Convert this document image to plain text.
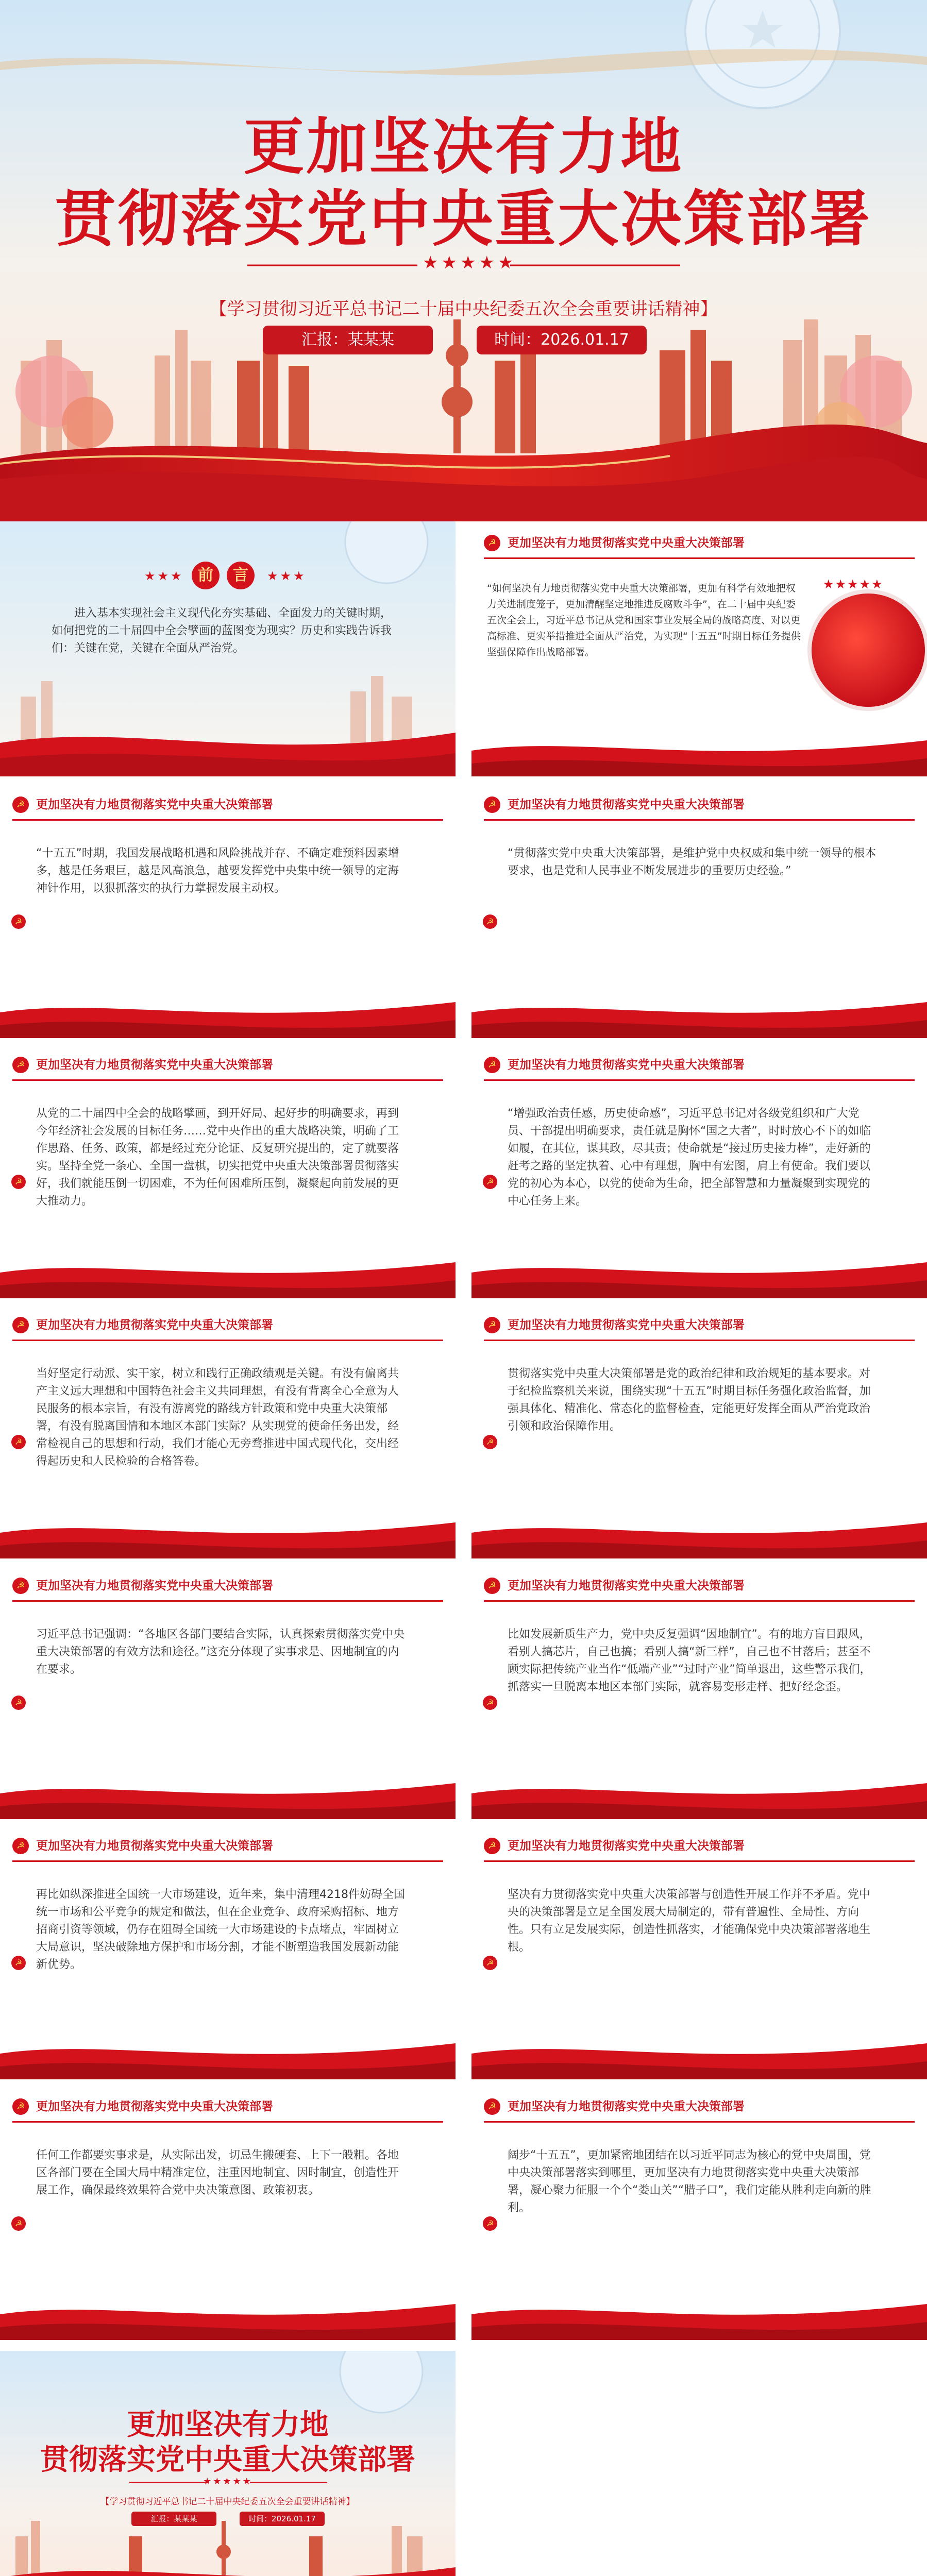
更加坚决有力地
贯彻落实党中央重大决策部署
★★★★★
【学习贯彻习近平总书记二十届中央纪委五次全会重要讲话精神】
汇报：某某某	时间：2026.01.17
★★★ 前	言	★★★
进入基本实现社会主义现代化夯实基础、全面发力的关键时期，如何把党的二十届四中全会擘画的蓝图变为现实？历史和实践告诉我们：关键在党，关键在全面从严治党。
☭ 更加坚决有力地贯彻落实党中央重大决策部署
★★★★★
“如何坚决有力地贯彻落实党中央重大决策部署，更加有科学有效地把权力关进制度笼子，更加清醒坚定地推进反腐败斗争”，在二十届中央纪委五次全会上，习近平总书记从党和国家事业发展全局的战略高度、对以更高标准、更实举措推进全面从严治党，为实现“十五五”时期目标任务提供坚强保障作出战略部署。
☭ 更加坚决有力地贯彻落实党中央重大决策部署
☭
“十五五”时期，我国发展战略机遇和风险挑战并存、不确定难预料因素增多，越是任务艰巨，越是风高浪急，越要发挥党中央集中统一领导的定海神针作用，以狠抓落实的执行力掌握发展主动权。
☭ 更加坚决有力地贯彻落实党中央重大决策部署
☭
“贯彻落实党中央重大决策部署，是维护党中央权威和集中统一领导的根本要求，也是党和人民事业不断发展进步的重要历史经验。”
☭ 更加坚决有力地贯彻落实党中央重大决策部署
☭
从党的二十届四中全会的战略擘画，到开好局、起好步的明确要求，再到今年经济社会发展的目标任务……党中央作出的重大战略决策，明确了工作思路、任务、政策，都是经过充分论证、反复研究提出的，定了就要落实。坚持全党一条心、全国一盘棋，切实把党中央重大决策部署贯彻落实好，我们就能压倒一切困难，不为任何困难所压倒，凝聚起向前发展的更大推动力。
☭ 更加坚决有力地贯彻落实党中央重大决策部署
☭
“增强政治责任感，历史使命感”，习近平总书记对各级党组织和广大党员、干部提出明确要求，责任就是胸怀“国之大者”，时时放心不下的如临如履，在其位，谋其政，尽其责；使命就是“接过历史接力棒”，走好新的赶考之路的坚定执着、心中有理想，胸中有宏图，肩上有使命。我们要以党的初心为本心，以党的使命为生命，把全部智慧和力量凝聚到实现党的中心任务上来。
☭ 更加坚决有力地贯彻落实党中央重大决策部署
☭
当好坚定行动派、实干家，树立和践行正确政绩观是关键。有没有偏离共产主义远大理想和中国特色社会主义共同理想，有没有背离全心全意为人民服务的根本宗旨，有没有游离党的路线方针政策和党中央重大决策部署，有没有脱离国情和本地区本部门实际？从实现党的使命任务出发，经常检视自己的思想和行动，我们才能心无旁骛推进中国式现代化，交出经得起历史和人民检验的合格答卷。
☭ 更加坚决有力地贯彻落实党中央重大决策部署
☭
贯彻落实党中央重大决策部署是党的政治纪律和政治规矩的基本要求。对于纪检监察机关来说，围绕实现“十五五”时期目标任务强化政治监督，加强具体化、精准化、常态化的监督检查，定能更好发挥全面从严治党政治引领和政治保障作用。
☭ 更加坚决有力地贯彻落实党中央重大决策部署
☭
习近平总书记强调：“各地区各部门要结合实际，认真探索贯彻落实党中央重大决策部署的有效方法和途径。”这充分体现了实事求是、因地制宜的内在要求。
☭ 更加坚决有力地贯彻落实党中央重大决策部署
☭
比如发展新质生产力，党中央反复强调“因地制宜”。有的地方盲目跟风，看别人搞芯片，自己也搞；看别人搞“新三样”，自己也不甘落后；甚至不顾实际把传统产业当作“低端产业”“过时产业”简单退出，这些警示我们，抓落实一旦脱离本地区本部门实际，就容易变形走样、把好经念歪。
☭ 更加坚决有力地贯彻落实党中央重大决策部署
☭
再比如纵深推进全国统一大市场建设，近年来，集中清理4218件妨碍全国统一市场和公平竞争的规定和做法，但在企业竞争、政府采购招标、地方招商引资等领域，仍存在阻碍全国统一大市场建设的卡点堵点，牢固树立大局意识，坚决破除地方保护和市场分割，才能不断塑造我国发展新动能新优势。
☭ 更加坚决有力地贯彻落实党中央重大决策部署
☭
坚决有力贯彻落实党中央重大决策部署与创造性开展工作并不矛盾。党中央的决策部署是立足全国发展大局制定的，带有普遍性、全局性、方向性。只有立足发展实际，创造性抓落实，才能确保党中央决策部署落地生根。
☭ 更加坚决有力地贯彻落实党中央重大决策部署
☭
任何工作都要实事求是，从实际出发，切忌生搬硬套、上下一般粗。各地区各部门要在全国大局中精准定位，注重因地制宜、因时制宜，创造性开展工作，确保最终效果符合党中央决策意图、政策初衷。
☭ 更加坚决有力地贯彻落实党中央重大决策部署
☭
阔步“十五五”，更加紧密地团结在以习近平同志为核心的党中央周围，党中央决策部署落实到哪里，更加坚决有力地贯彻落实党中央重大决策部署，凝心聚力征服一个个“娄山关”“腊子口”，我们定能从胜利走向新的胜利。
更加坚决有力地
贯彻落实党中央重大决策部署
★★★★★
【学习贯彻习近平总书记二十届中央纪委五次全会重要讲话精神】
汇报：某某某	时间：2026.01.17
